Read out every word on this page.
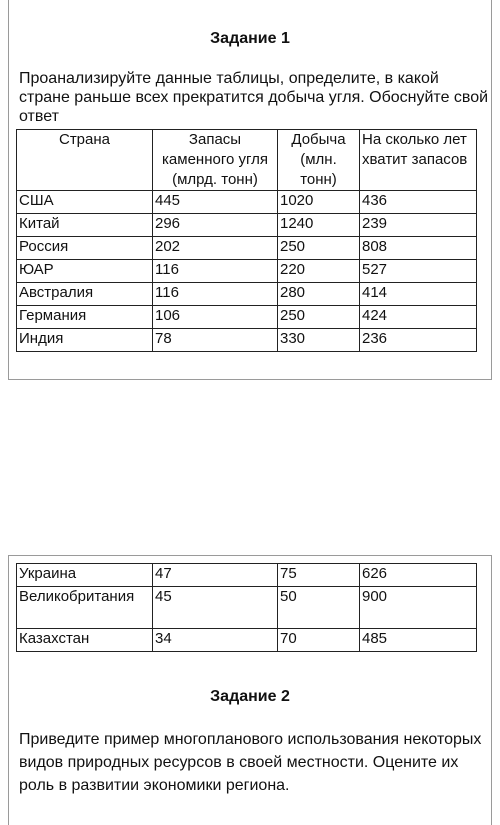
Задание 1
Проанализируйте данные таблицы, определите, в какой стране раньше всех прекратится добыча угля. Обоснуйте свой ответ
Страна	Запасы каменного угля (млрд. тонн)	Добыча (млн. тонн)	На сколько лет хватит запасов
США	445	1020	436
Китай	296	1240	239
Россия	202	250	808
ЮАР	116	220	527
Австралия	116	280	414
Германия	106	250	424
Индия	78	330	236
Украина	47	75	626
Великобритания	45	50	900
Казахстан	34	70	485
Задание 2
Приведите пример многопланового использования некоторых видов природных ресурсов в своей местности. Оцените их роль в развитии экономики региона.
